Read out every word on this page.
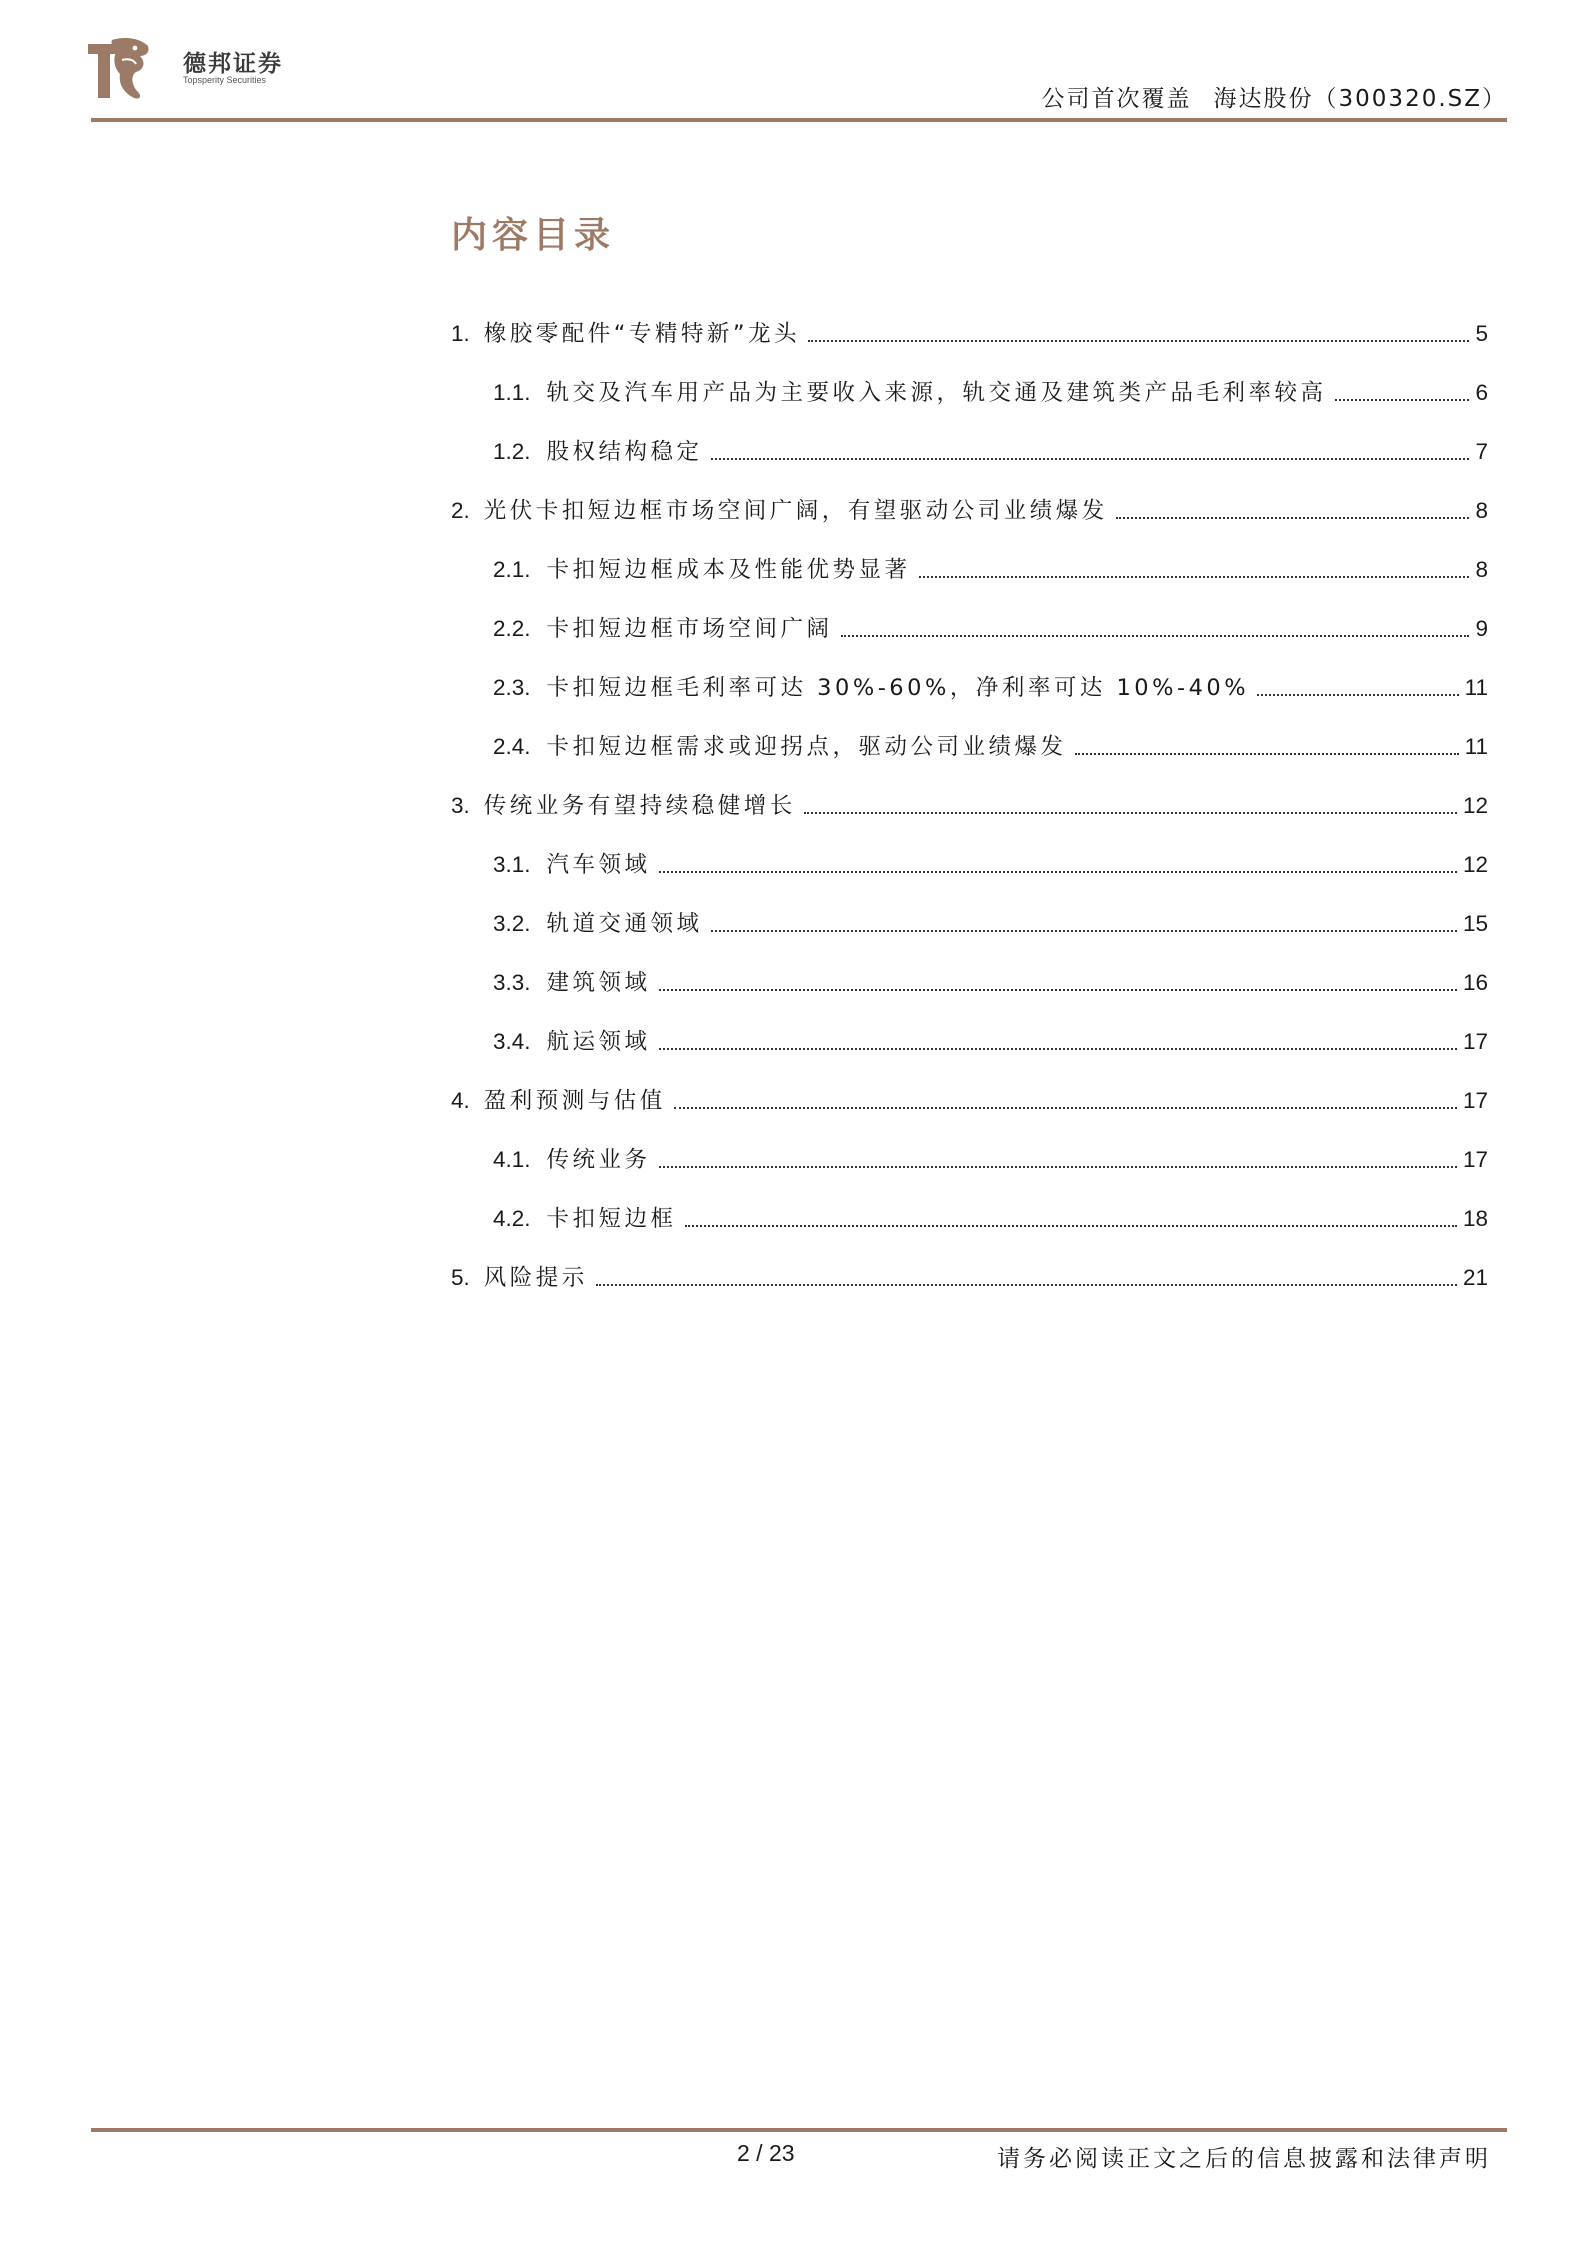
德邦证券
Topsperity Securities
公司首次覆盖 海达股份（300320.SZ）
内容目录
1. 橡胶零配件“专精特新”龙头	5
1.1. 轨交及汽车用产品为主要收入来源，轨交通及建筑类产品毛利率较高	6
1.2. 股权结构稳定	7
2. 光伏卡扣短边框市场空间广阔，有望驱动公司业绩爆发	8
2.1. 卡扣短边框成本及性能优势显著	8
2.2. 卡扣短边框市场空间广阔	9
2.3. 卡扣短边框毛利率可达 30%-60%，净利率可达 10%-40%	11
2.4. 卡扣短边框需求或迎拐点，驱动公司业绩爆发	11
3. 传统业务有望持续稳健增长	12
3.1. 汽车领域	12
3.2. 轨道交通领域	15
3.3. 建筑领域	16
3.4. 航运领域	17
4. 盈利预测与估值	17
4.1. 传统业务	17
4.2. 卡扣短边框	18
5. 风险提示	21
2 / 23	请务必阅读正文之后的信息披露和法律声明
